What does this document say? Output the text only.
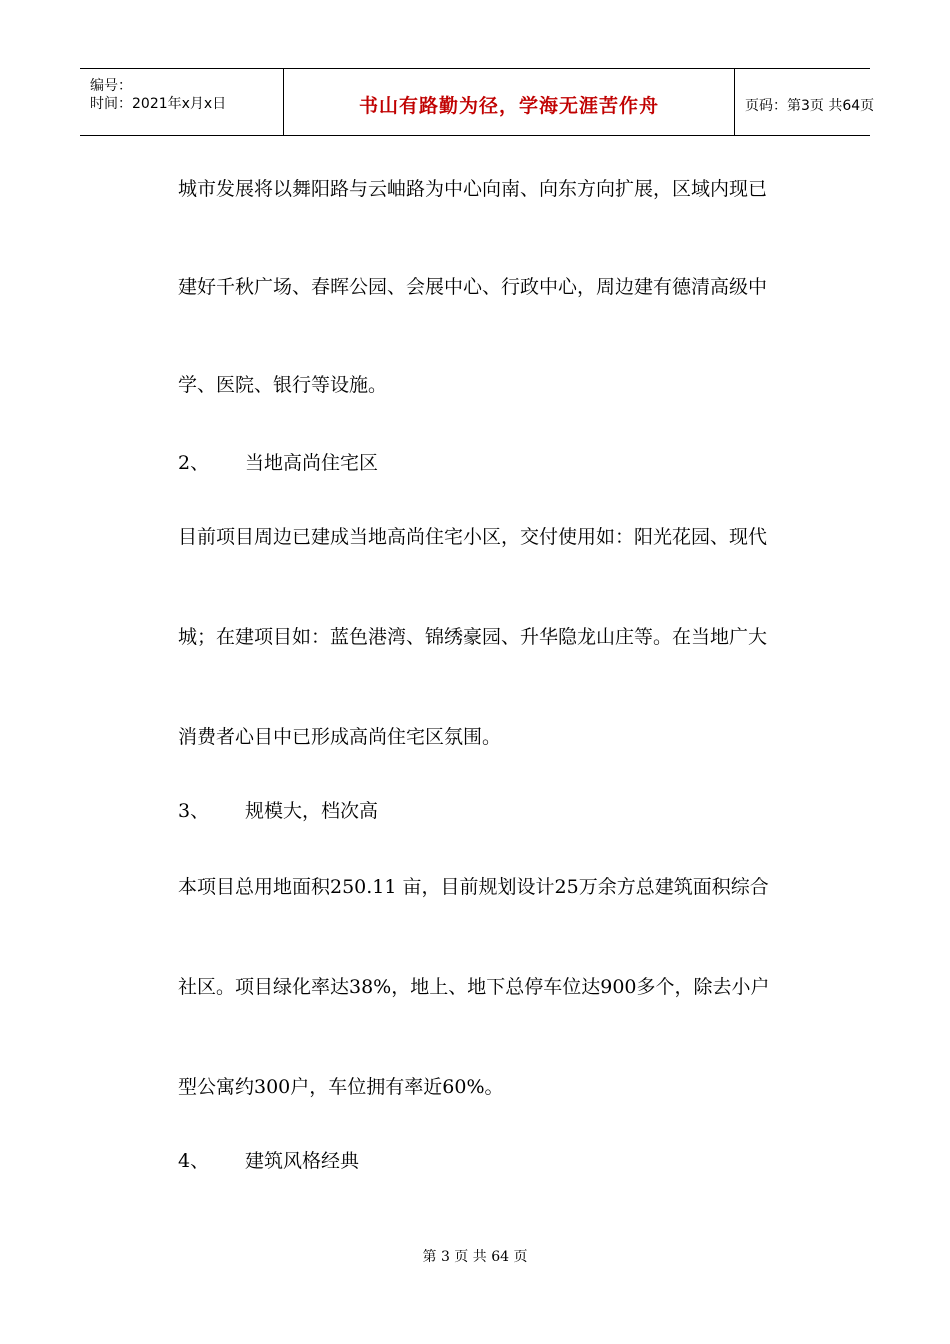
编号：
时间：2021年x月x日	书山有路勤为径，学海无涯苦作舟	页码：第3页 共64页
城市发展将以舞阳路与云岫路为中心向南、向东方向扩展，区域内现已
建好千秋广场、春晖公园、会展中心、行政中心，周边建有德清高级中
学、医院、银行等设施。
2、 当地高尚住宅区
目前项目周边已建成当地高尚住宅小区，交付使用如：阳光花园、现代
城；在建项目如：蓝色港湾、锦绣豪园、升华隐龙山庄等。在当地广大
消费者心目中已形成高尚住宅区氛围。
3、 规模大，档次高
本项目总用地面积250.11 亩，目前规划设计25万余方总建筑面积综合
社区。项目绿化率达38%，地上、地下总停车位达900多个，除去小户
型公寓约300户，车位拥有率近60%。
4、 建筑风格经典
第 3 页 共 64 页
